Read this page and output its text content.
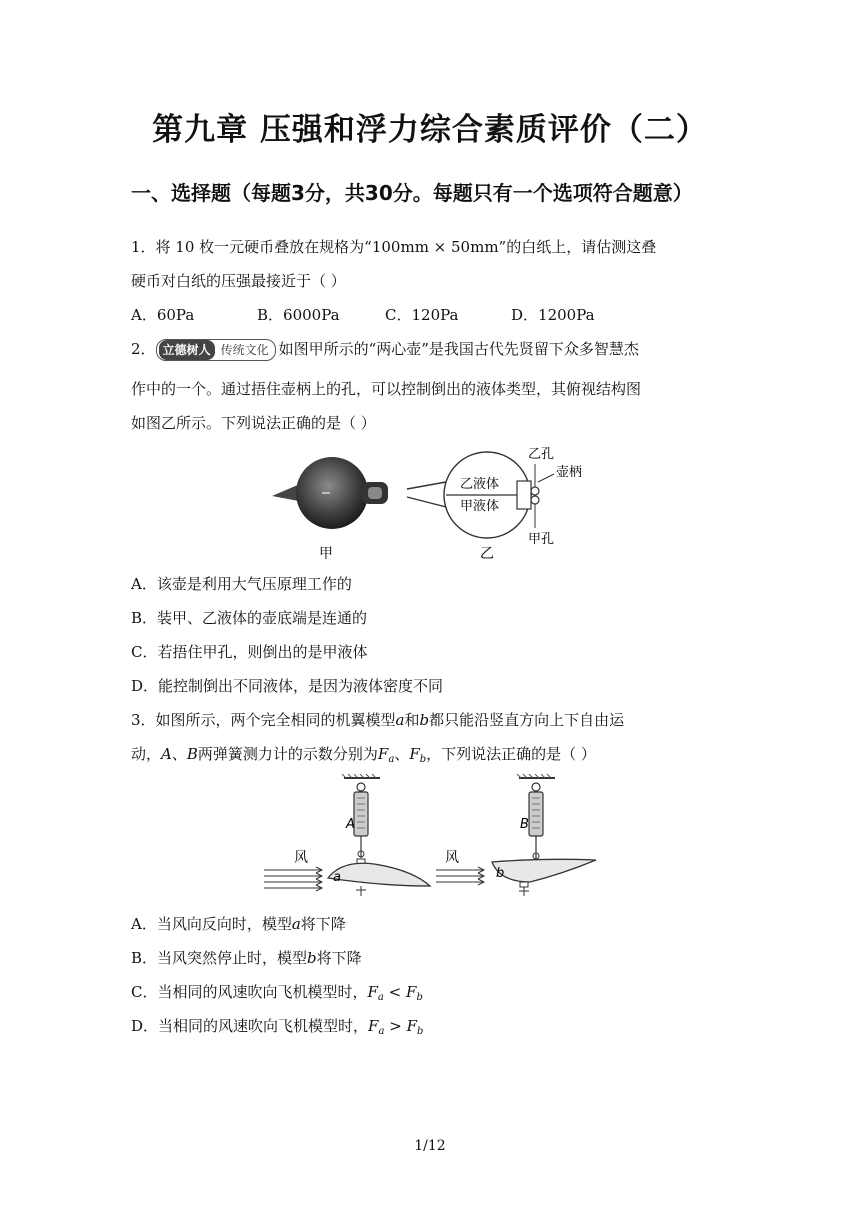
第九章 压强和浮力综合素质评价（二）
一、选择题（每题3分，共30分。每题只有一个选项符合题意）
1．将 10 枚一元硬币叠放在规格为“100mm × 50mm”的白纸上，请估测这叠
硬币对白纸的压强最接近于（ ）
A．60Pa	B．6000Pa	C．120Pa	D．1200Pa
2． 立德树人 传统文化 如图甲所示的“两心壶”是我国古代先贤留下众多智慧杰
作中的一个。通过捂住壶柄上的孔，可以控制倒出的液体类型，其俯视结构图
如图乙所示。下列说法正确的是（ ）
甲
乙液体
甲液体
乙孔
壶柄
甲孔
乙
A．该壶是利用大气压原理工作的
B．装甲、乙液体的壶底端是连通的
C．若捂住甲孔，则倒出的是甲液体
D．能控制倒出不同液体，是因为液体密度不同
3．如图所示，两个完全相同的机翼模型a和b都只能沿竖直方向上下自由运
动，A、B两弹簧测力计的示数分别为$F_a$、$F_b$，下列说法正确的是（ ）
A
a
风
B
b
风
A．当风向反向时，模型a将下降
B．当风突然停止时，模型b将下降
C．当相同的风速吹向飞机模型时，$F_a < F_b$
D．当相同的风速吹向飞机模型时，$F_a > F_b$
1/12
